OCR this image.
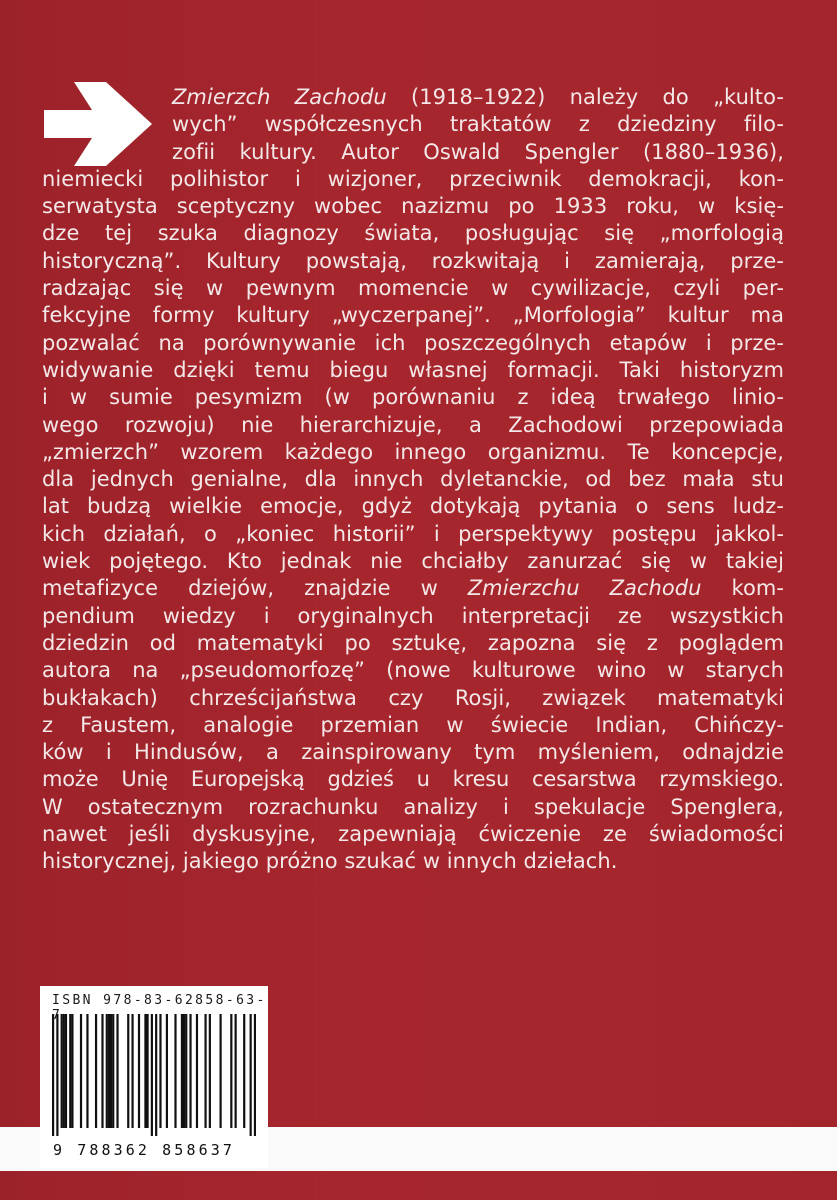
Zmierzch Zachodu (1918–1922) należy do „kulto-
wych” współczesnych traktatów z dziedziny filo-
zofii kultury. Autor Oswald Spengler (1880–1936),
niemiecki polihistor i wizjoner, przeciwnik demokracji, kon-
serwatysta sceptyczny wobec nazizmu po 1933 roku, w księ-
dze tej szuka diagnozy świata, posługując się „morfologią
historyczną”. Kultury powstają, rozkwitają i zamierają, prze-
radzając się w pewnym momencie w cywilizacje, czyli per-
fekcyjne formy kultury „wyczerpanej”. „Morfologia” kultur ma
pozwalać na porównywanie ich poszczególnych etapów i prze-
widywanie dzięki temu biegu własnej formacji. Taki historyzm
i w sumie pesymizm (w porównaniu z ideą trwałego linio-
wego rozwoju) nie hierarchizuje, a Zachodowi przepowiada
„zmierzch” wzorem każdego innego organizmu. Te koncepcje,
dla jednych genialne, dla innych dyletanckie, od bez mała stu
lat budzą wielkie emocje, gdyż dotykają pytania o sens ludz-
kich działań, o „koniec historii” i perspektywy postępu jakkol-
wiek pojętego. Kto jednak nie chciałby zanurzać się w takiej
metafizyce dziejów, znajdzie w Zmierzchu Zachodu kom-
pendium wiedzy i oryginalnych interpretacji ze wszystkich
dziedzin od matematyki po sztukę, zapozna się z poglądem
autora na „pseudomorfozę” (nowe kulturowe wino w starych
bukłakach) chrześcijaństwa czy Rosji, związek matematyki
z Faustem, analogie przemian w świecie Indian, Chińczy-
ków i Hindusów, a zainspirowany tym myśleniem, odnajdzie
może Unię Europejską gdzieś u kresu cesarstwa rzymskiego.
W ostatecznym rozrachunku analizy i spekulacje Spenglera,
nawet jeśli dyskusyjne, zapewniają ćwiczenie ze świadomości
historycznej, jakiego próżno szukać w innych dziełach.
ISBN 978-83-62858-63-
9 788362 858637
